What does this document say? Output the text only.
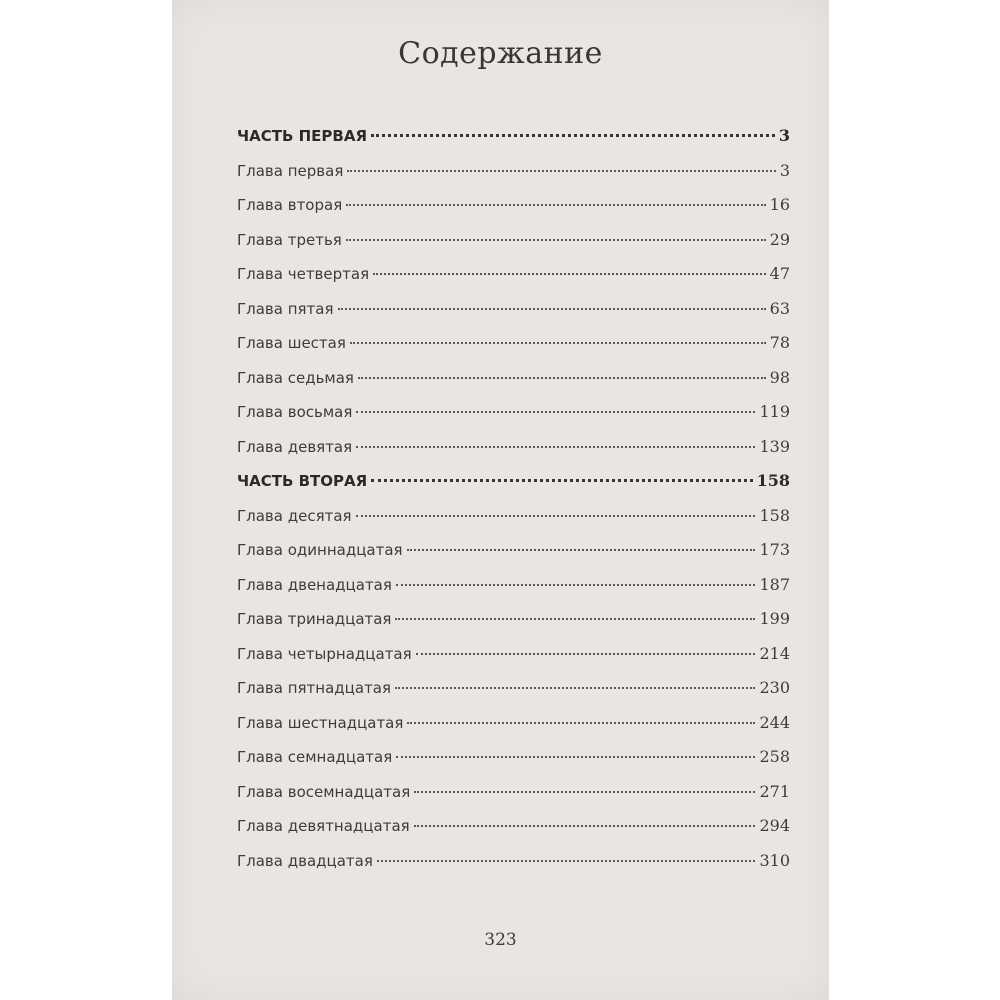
Содержание
ЧАСТЬ ПЕРВАЯ	3
Глава первая	3
Глава вторая	16
Глава третья	29
Глава четвертая	47
Глава пятая	63
Глава шестая	78
Глава седьмая	98
Глава восьмая	119
Глава девятая	139
ЧАСТЬ ВТОРАЯ	158
Глава десятая	158
Глава одиннадцатая	173
Глава двенадцатая	187
Глава тринадцатая	199
Глава четырнадцатая	214
Глава пятнадцатая	230
Глава шестнадцатая	244
Глава семнадцатая	258
Глава восемнадцатая	271
Глава девятнадцатая	294
Глава двадцатая	310
323
